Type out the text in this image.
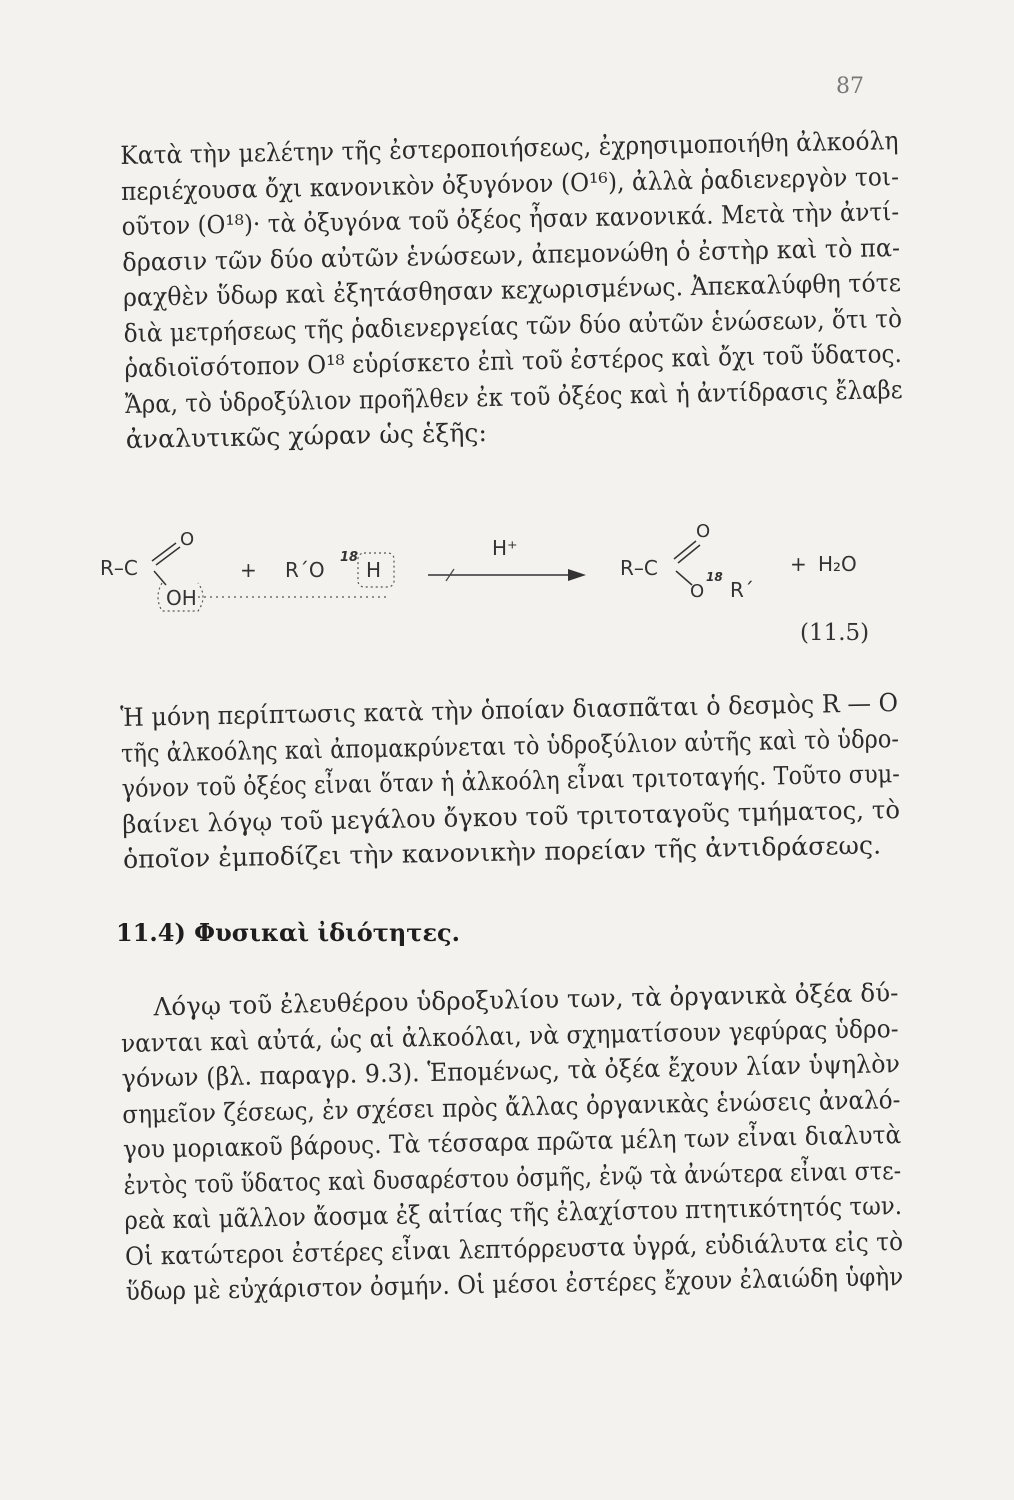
87
Κατὰ τὴν μελέτην τῆς ἐστεροποιήσεως, ἐχρησιμοποιήθη ἀλκοόλη περιέχουσα ὄχι κανονικὸν ὀξυγόνον (O¹⁶), ἀλλὰ ῥαδιενεργὸν τοι- οῦτον (O¹⁸)· τὰ ὀξυγόνα τοῦ ὀξέος ἦσαν κανονικά. Μετὰ τὴν ἀντί- δρασιν τῶν δύο αὐτῶν ἑνώσεων, ἀπεμονώθη ὁ ἐστὴρ καὶ τὸ πα- ραχθὲν ὕδωρ καὶ ἐξητάσθησαν κεχωρισμένως. Ἀπεκαλύφθη τότε διὰ μετρήσεως τῆς ῥαδιενεργείας τῶν δύο αὐτῶν ἑνώσεων, ὅτι τὸ ῥαδιοϊσότοπον O¹⁸ εὑρίσκετο ἐπὶ τοῦ ἐστέρος καὶ ὄχι τοῦ ὕδατος. Ἄρα, τὸ ὑδροξύλιον προῆλθεν ἐκ τοῦ ὀξέος καὶ ἡ ἀντίδρασις ἔλαβε
ἀναλυτικῶς χώραν ὡς ἑξῆς:
R–C
O
OH
+ R´O
18
H
H⁺
R–C
O
O
18
R´
+ H₂O
(11.5)
Ἡ μόνη περίπτωσις κατὰ τὴν ὁποίαν διασπᾶται ὁ δεσμὸς R — O τῆς ἀλκοόλης καὶ ἀπομακρύνεται τὸ ὑδροξύλιον αὐτῆς καὶ τὸ ὑδρο- γόνον τοῦ ὀξέος εἶναι ὅταν ἡ ἀλκοόλη εἶναι τριτοταγής. Τοῦτο συμ- βαίνει λόγῳ τοῦ μεγάλου ὄγκου τοῦ τριτοταγοῦς τμήματος, τὸ
ὁποῖον ἐμποδίζει τὴν κανονικὴν πορείαν τῆς ἀντιδράσεως.
11.4) Φυσικαὶ ἰδιότητες.
Λόγῳ τοῦ ἐλευθέρου ὑδροξυλίου των, τὰ ὀργανικὰ ὀξέα δύ- νανται καὶ αὐτά, ὡς αἱ ἀλκοόλαι, νὰ σχηματίσουν γεφύρας ὑδρο- γόνων (βλ. παραγρ. 9.3). Ἑπομένως, τὰ ὀξέα ἔχουν λίαν ὑψηλὸν σημεῖον ζέσεως, ἐν σχέσει πρὸς ἄλλας ὀργανικὰς ἑνώσεις ἀναλό- γου μοριακοῦ βάρους. Τὰ τέσσαρα πρῶτα μέλη των εἶναι διαλυτὰ ἐντὸς τοῦ ὕδατος καὶ δυσαρέστου ὀσμῆς, ἐνῷ τὰ ἀνώτερα εἶναι στε- ρεὰ καὶ μᾶλλον ἄοσμα ἐξ αἰτίας τῆς ἐλαχίστου πτητικότητός των. Οἱ κατώτεροι ἐστέρες εἶναι λεπτόρρευστα ὑγρά, εὐδιάλυτα εἰς τὸ ὕδωρ μὲ εὐχάριστον ὀσμήν. Οἱ μέσοι ἐστέρες ἔχουν ἐλαιώδη ὑφὴν
